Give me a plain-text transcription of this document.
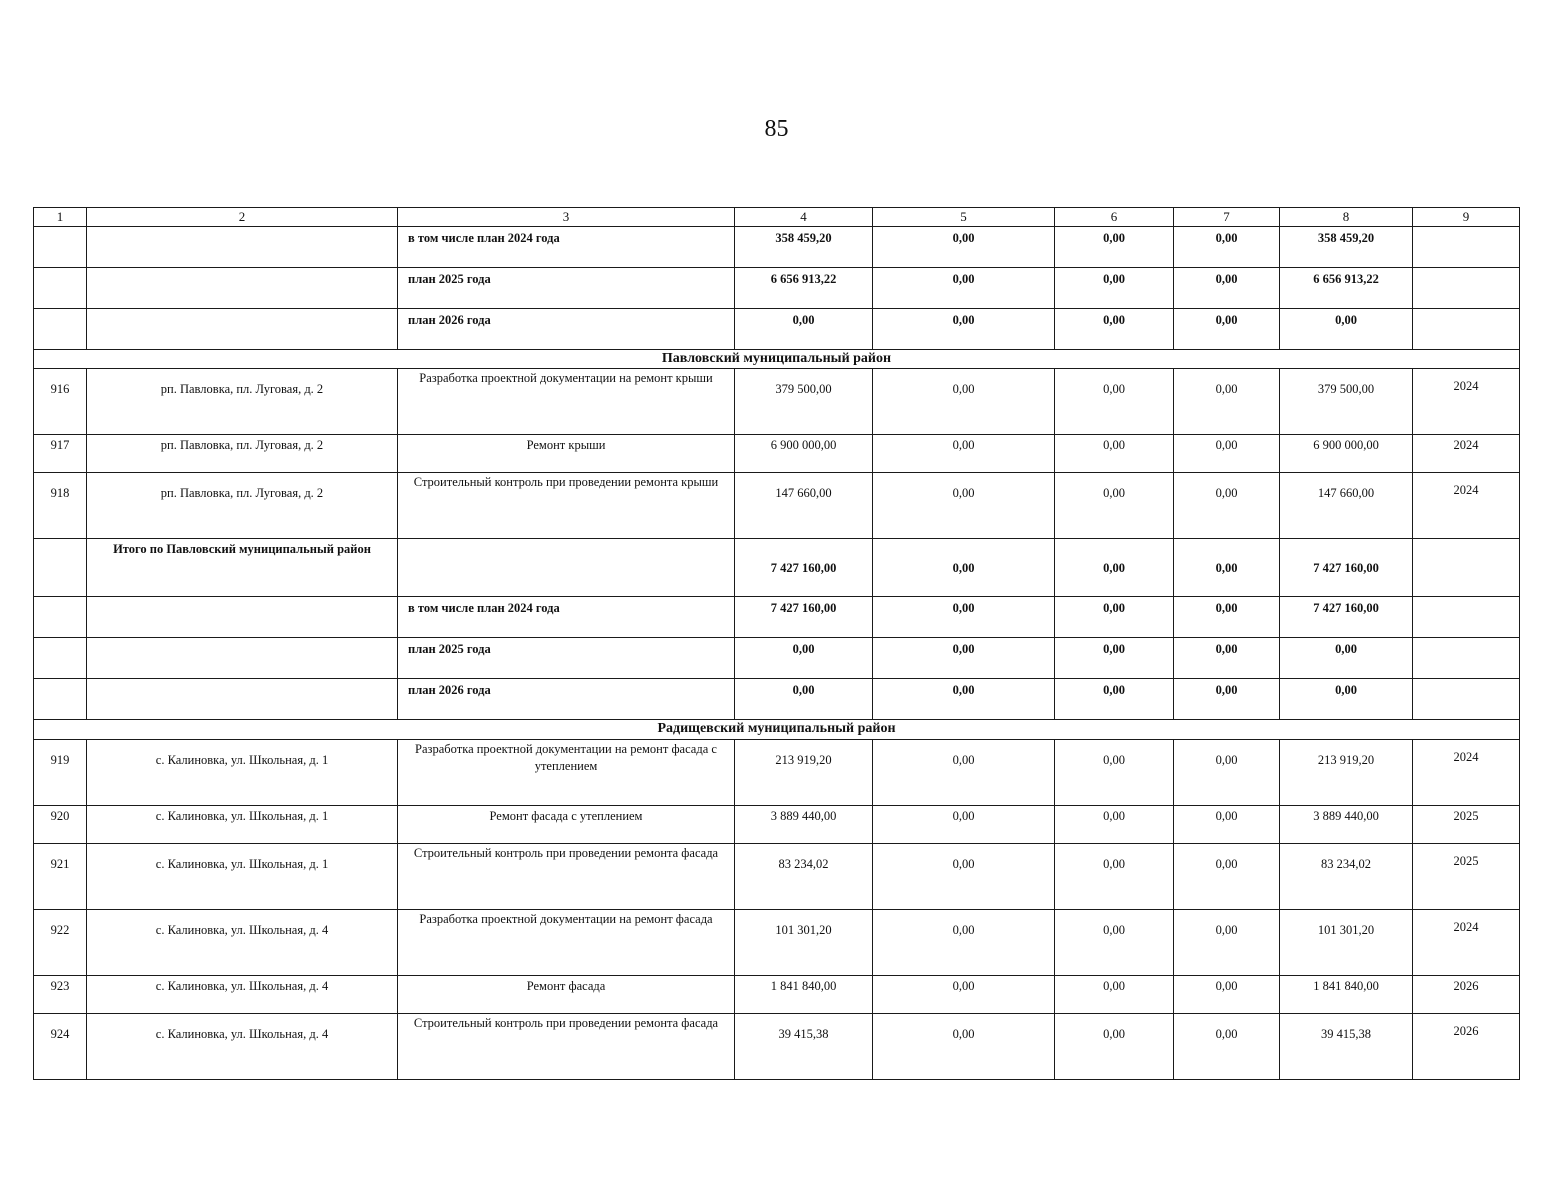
85
1	2	3	4	5	6	7	8	9
		в том числе план 2024 года	358 459,20	0,00	0,00	0,00	358 459,20	
		план 2025 года	6 656 913,22	0,00	0,00	0,00	6 656 913,22	
		план 2026 года	0,00	0,00	0,00	0,00	0,00	
Павловский муниципальный район								
916	рп. Павловка, пл. Луговая, д. 2	Разработка проектной документации на ремонт крыши	379 500,00	0,00	0,00	0,00	379 500,00	2024
917	рп. Павловка, пл. Луговая, д. 2	Ремонт крыши	6 900 000,00	0,00	0,00	0,00	6 900 000,00	2024
918	рп. Павловка, пл. Луговая, д. 2	Строительный контроль при проведении ремонта крыши	147 660,00	0,00	0,00	0,00	147 660,00	2024
	Итого по Павловский муниципальный район		7 427 160,00	0,00	0,00	0,00	7 427 160,00	
		в том числе план 2024 года	7 427 160,00	0,00	0,00	0,00	7 427 160,00	
		план 2025 года	0,00	0,00	0,00	0,00	0,00	
		план 2026 года	0,00	0,00	0,00	0,00	0,00	
Радищевский муниципальный район								
919	с. Калиновка, ул. Школьная, д. 1	Разработка проектной документации на ремонт фасада с утеплением	213 919,20	0,00	0,00	0,00	213 919,20	2024
920	с. Калиновка, ул. Школьная, д. 1	Ремонт фасада с утеплением	3 889 440,00	0,00	0,00	0,00	3 889 440,00	2025
921	с. Калиновка, ул. Школьная, д. 1	Строительный контроль при проведении ремонта фасада	83 234,02	0,00	0,00	0,00	83 234,02	2025
922	с. Калиновка, ул. Школьная, д. 4	Разработка проектной документации на ремонт фасада	101 301,20	0,00	0,00	0,00	101 301,20	2024
923	с. Калиновка, ул. Школьная, д. 4	Ремонт фасада	1 841 840,00	0,00	0,00	0,00	1 841 840,00	2026
924	с. Калиновка, ул. Школьная, д. 4	Строительный контроль при проведении ремонта фасада	39 415,38	0,00	0,00	0,00	39 415,38	2026
